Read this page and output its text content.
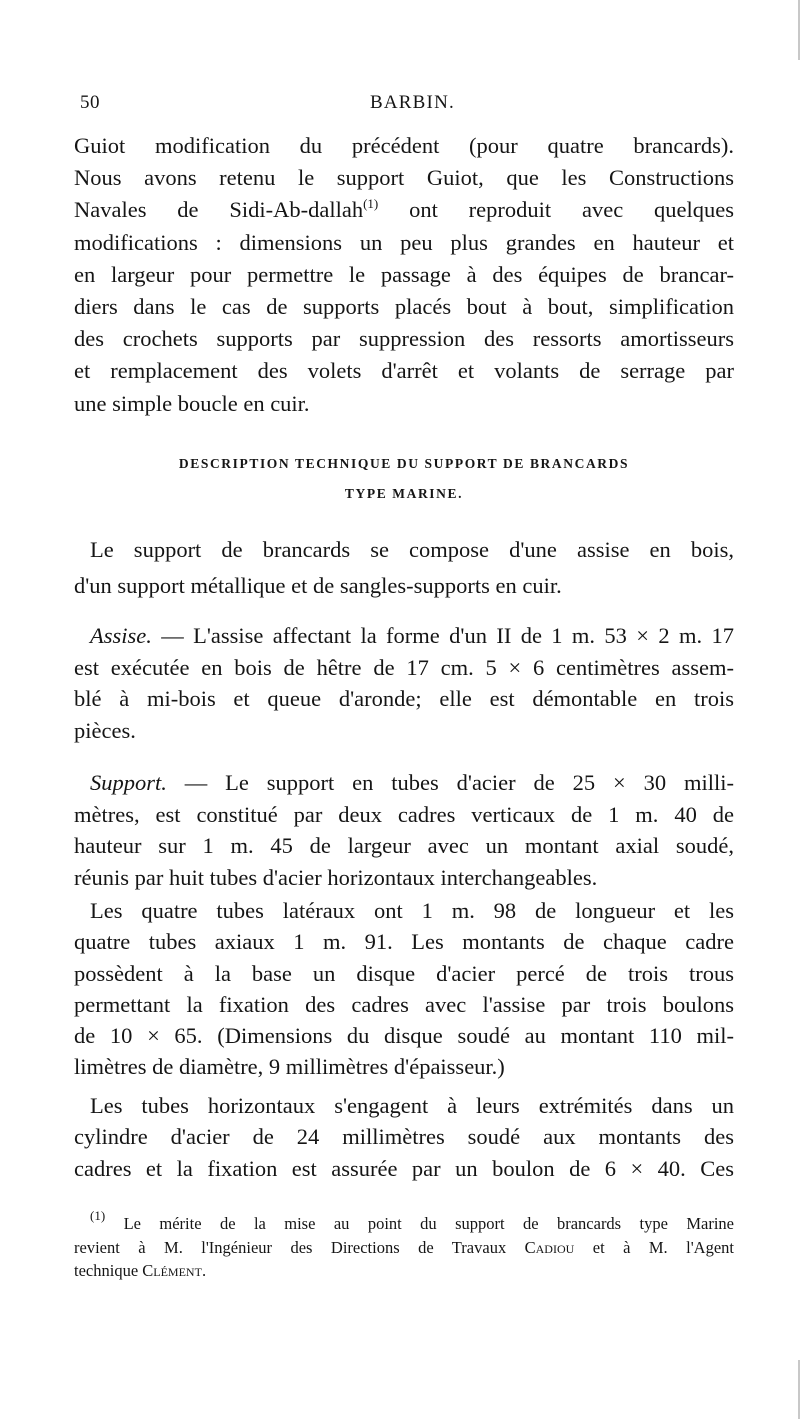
50	BARBIN.
Guiot modification du précédent (pour quatre brancards).
Nous avons retenu le support Guiot, que les Constructions
Navales de Sidi-Ab-dallah$^{(1)}$ ont reproduit avec quelques
modifications : dimensions un peu plus grandes en hauteur et
en largeur pour permettre le passage à des équipes de brancar-
diers dans le cas de supports placés bout à bout, simplification
des crochets supports par suppression des ressorts amortisseurs
et remplacement des volets d'arrêt et volants de serrage par
une simple boucle en cuir.
DESCRIPTION TECHNIQUE DU SUPPORT DE BRANCARDS
TYPE MARINE.
Le support de brancards se compose d'une assise en bois,
d'un support métallique et de sangles-supports en cuir.
Assise. — L'assise affectant la forme d'un II de 1 m. 53 × 2 m. 17
est exécutée en bois de hêtre de 17 cm. 5 × 6 centimètres assem-
blé à mi-bois et queue d'aronde; elle est démontable en trois
pièces.
Support. — Le support en tubes d'acier de 25 × 30 milli-
mètres, est constitué par deux cadres verticaux de 1 m. 40 de
hauteur sur 1 m. 45 de largeur avec un montant axial soudé,
réunis par huit tubes d'acier horizontaux interchangeables.
Les quatre tubes latéraux ont 1 m. 98 de longueur et les
quatre tubes axiaux 1 m. 91. Les montants de chaque cadre
possèdent à la base un disque d'acier percé de trois trous
permettant la fixation des cadres avec l'assise par trois boulons
de 10 × 65. (Dimensions du disque soudé au montant 110 mil-
limètres de diamètre, 9 millimètres d'épaisseur.)
Les tubes horizontaux s'engagent à leurs extrémités dans un
cylindre d'acier de 24 millimètres soudé aux montants des
cadres et la fixation est assurée par un boulon de 6 × 40. Ces
$^{(1)}$ Le mérite de la mise au point du support de brancards type Marine
revient à M. l'Ingénieur des Directions de Travaux Cadiou et à M. l'Agent
technique Clément.
